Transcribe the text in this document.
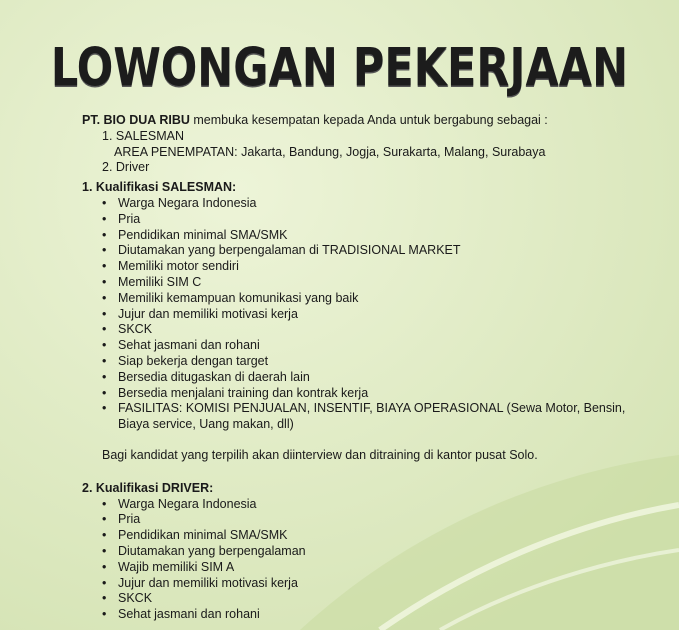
LOWONGAN PEKERJAAN
PT. BIO DUA RIBU membuka kesempatan kepada Anda untuk bergabung sebagai :
1. SALESMAN
AREA PENEMPATAN: Jakarta, Bandung, Jogja, Surakarta, Malang, Surabaya
2. Driver
1. Kualifikasi SALESMAN:
• Warga Negara Indonesia
• Pria
• Pendidikan minimal SMA/SMK
• Diutamakan yang berpengalaman di TRADISIONAL MARKET
• Memiliki motor sendiri
• Memiliki SIM C
• Memiliki kemampuan komunikasi yang baik
• Jujur dan memiliki motivasi kerja
• SKCK
• Sehat jasmani dan rohani
• Siap bekerja dengan target
• Bersedia ditugaskan di daerah lain
• Bersedia menjalani training dan kontrak kerja
• FASILITAS: KOMISI PENJUALAN, INSENTIF, BIAYA OPERASIONAL (Sewa Motor, Bensin, Biaya service, Uang makan, dll)
Bagi kandidat yang terpilih akan diinterview dan ditraining di kantor pusat Solo.
2. Kualifikasi DRIVER:
• Warga Negara Indonesia
• Pria
• Pendidikan minimal SMA/SMK
• Diutamakan yang berpengalaman
• Wajib memiliki SIM A
• Jujur dan memiliki motivasi kerja
• SKCK
• Sehat jasmani dan rohani
